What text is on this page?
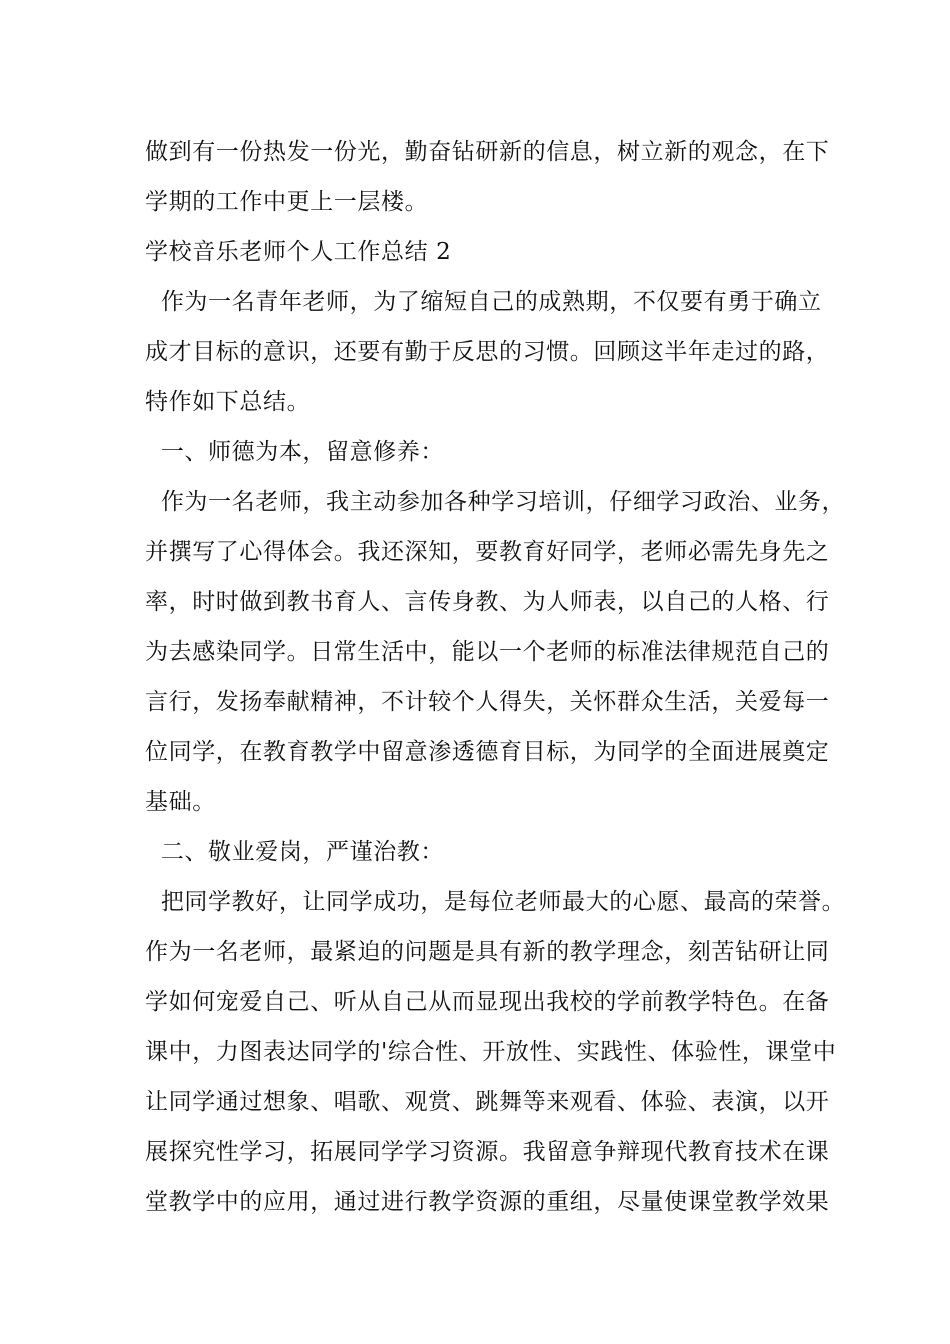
做到有一份热发一份光，勤奋钻研新的信息，树立新的观念，在下
学期的工作中更上一层楼。
学校音乐老师个人工作总结 2
作为一名青年老师，为了缩短自己的成熟期，不仅要有勇于确立
成才目标的意识，还要有勤于反思的习惯。回顾这半年走过的路，
特作如下总结。
一、师德为本，留意修养：
作为一名老师，我主动参加各种学习培训，仔细学习政治、业务，
并撰写了心得体会。我还深知，要教育好同学，老师必需先身先之
率，时时做到教书育人、言传身教、为人师表，以自己的人格、行
为去感染同学。日常生活中，能以一个老师的标准法律规范自己的
言行，发扬奉献精神，不计较个人得失，关怀群众生活，关爱每一
位同学，在教育教学中留意渗透德育目标，为同学的全面进展奠定
基础。
二、敬业爱岗，严谨治教：
把同学教好，让同学成功，是每位老师最大的心愿、最高的荣誉。
作为一名老师，最紧迫的问题是具有新的教学理念，刻苦钻研让同
学如何宠爱自己、听从自己从而显现出我校的学前教学特色。在备
课中，力图表达同学的'综合性、开放性、实践性、体验性，课堂中
让同学通过想象、唱歌、观赏、跳舞等来观看、体验、表演，以开
展探究性学习，拓展同学学习资源。我留意争辩现代教育技术在课
堂教学中的应用，通过进行教学资源的重组，尽量使课堂教学效果
